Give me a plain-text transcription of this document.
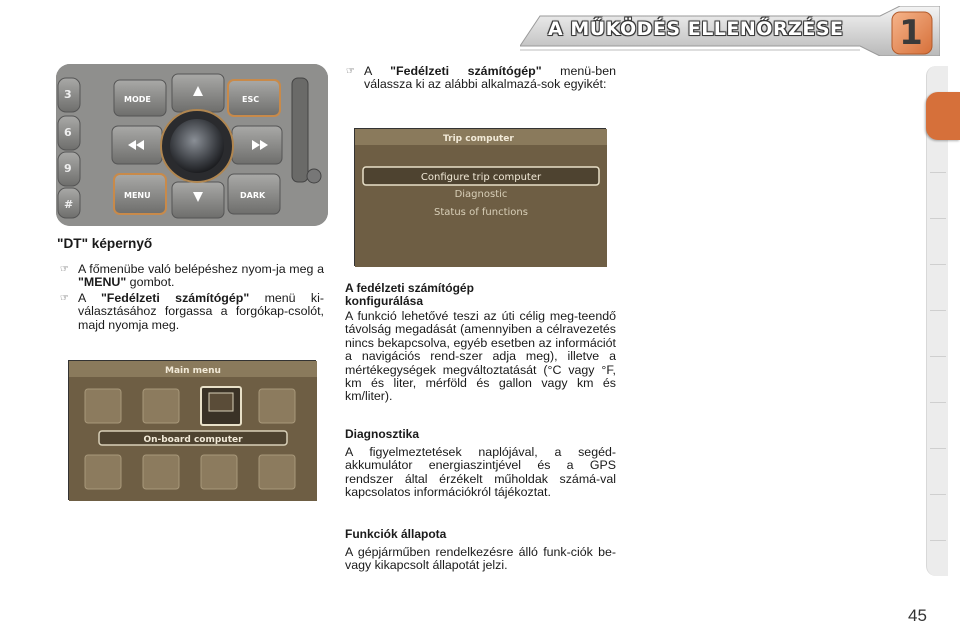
A MŰKÖDÉS ELLENŐRZÉSE	1
3
6
9
#
MODE	ESC
MENU	DARK
"DT" képernyő
☞ A főmenübe való belépéshez nyom-ja meg a "MENU" gombot.
☞ A "Fedélzeti számítógép" menü ki-választásához forgassa a forgókap-csolót, majd nyomja meg.
Main menu
On-board computer
☞ A "Fedélzeti számítógép" menü-ben válassza ki az alábbi alkalmazá-sok egyikét:
Trip computer
Configure trip computer
Diagnostic
Status of functions
A fedélzeti számítógép konfigurálása
A funkció lehetővé teszi az úti célig meg-teendő távolság megadását (amennyiben a célravezetés nincs bekapcsolva, egyéb esetben az információt a navigációs rend-szer adja meg), illetve a mértékegységek megváltoztatását (°C vagy °F, km és liter, mérföld és gallon vagy km és km/liter).
Diagnosztika
A figyelmeztetések naplójával, a segéd-akkumulátor energiaszintjével és a GPS rendszer által érzékelt műholdak számá-val kapcsolatos információkról tájékoztat.
Funkciók állapota
A gépjárműben rendelkezésre álló funk-ciók be- vagy kikapcsolt állapotát jelzi.
45
